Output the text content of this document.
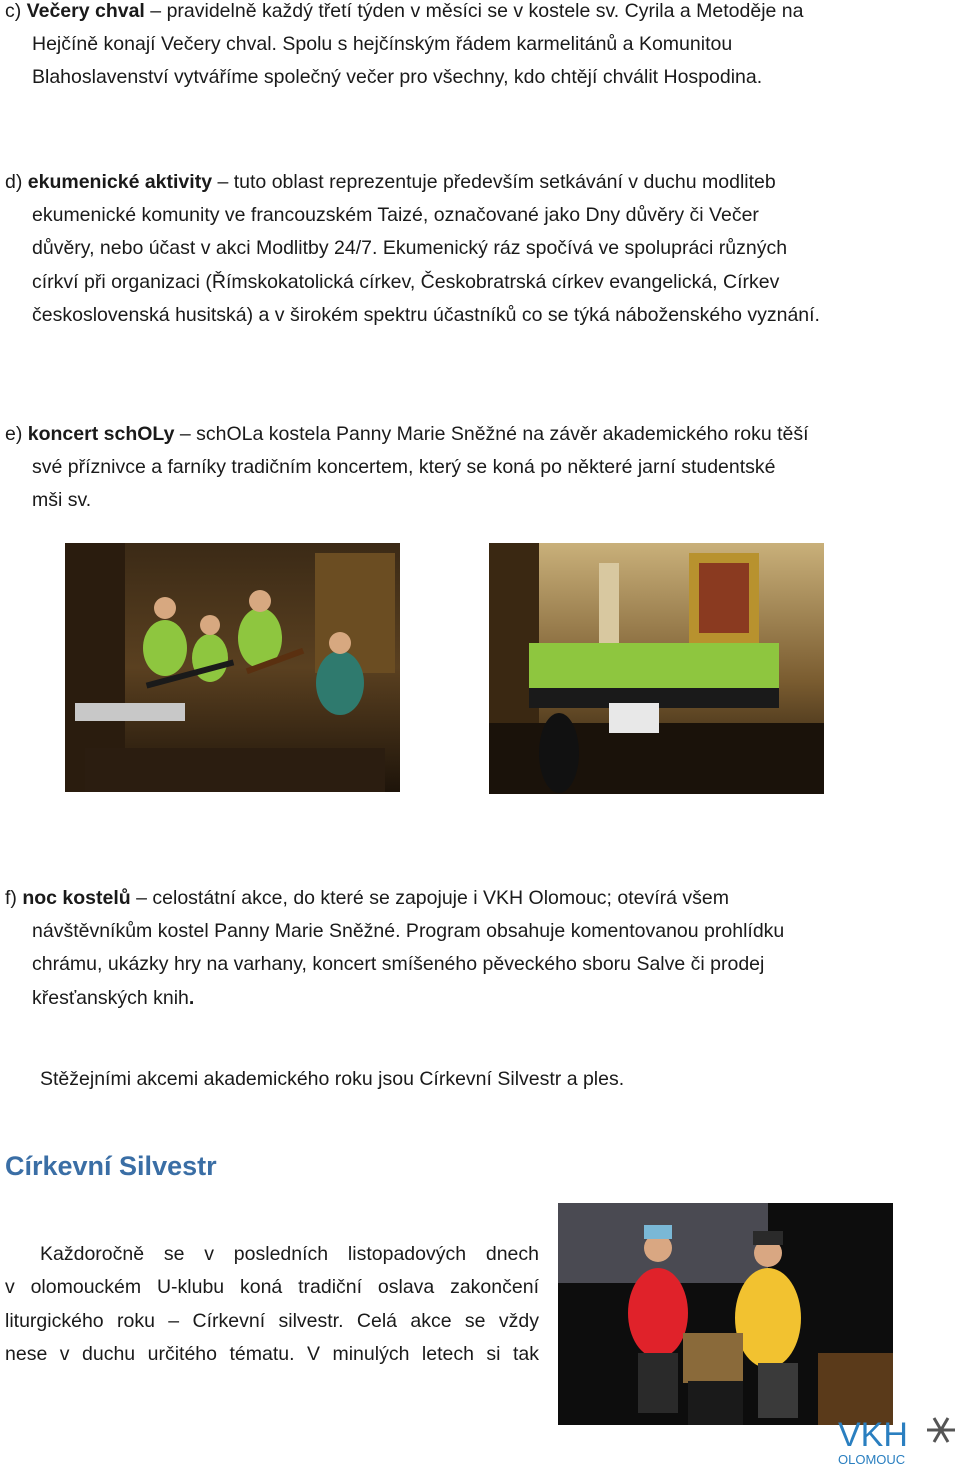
c) Večery chval – pravidelně každý třetí týden v měsíci se v kostele sv. Cyrila a Metoděje na
Hejčíně konají Večery chval. Spolu s hejčínským řádem karmelitánů a Komunitou
Blahoslavenství vytváříme společný večer pro všechny, kdo chtějí chválit Hospodina.
d) ekumenické aktivity – tuto oblast reprezentuje především setkávání v duchu modliteb
ekumenické komunity ve francouzském Taizé, označované jako Dny důvěry či Večer
důvěry, nebo účast v akci Modlitby 24/7. Ekumenický ráz spočívá ve spolupráci různých
církví při organizaci (Římskokatolická církev, Českobratrská církev evangelická, Církev
československá husitská) a v širokém spektru účastníků co se týká náboženského vyznání.
e) koncert schOLy – schOLa kostela Panny Marie Sněžné na závěr akademického roku těší
své příznivce a farníky tradičním koncertem, který se koná po některé jarní studentské
mši sv.
f) noc kostelů – celostátní akce, do které se zapojuje i VKH Olomouc; otevírá všem
návštěvníkům kostel Panny Marie Sněžné. Program obsahuje komentovanou prohlídku
chrámu, ukázky hry na varhany, koncert smíšeného pěveckého sboru Salve či prodej
křesťanských knih.
Stěžejními akcemi akademického roku jsou Církevní Silvestr a ples.
Církevní Silvestr
Každoročně se v posledních listopadových dnech
v olomouckém U-klubu koná tradiční oslava zakončení
liturgického roku – Církevní silvestr. Celá akce se vždy
nese v duchu určitého tématu. V minulých letech si tak
VKH
OLOMOUC
